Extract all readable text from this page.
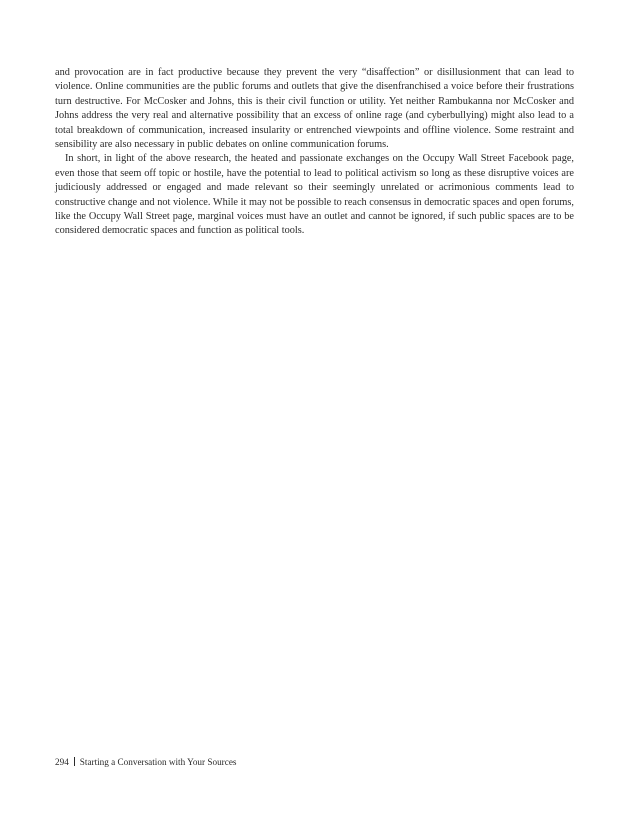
and provocation are in fact productive because they prevent the very “disaffection” or disillusionment that can lead to violence. Online communities are the public forums and outlets that give the disenfranchised a voice before their frustrations turn destructive. For McCosker and Johns, this is their civil function or utility. Yet neither Rambukanna nor McCosker and Johns address the very real and alternative possibility that an excess of online rage (and cyberbullying) might also lead to a total breakdown of communication, increased insularity or entrenched viewpoints and offline violence. Some restraint and sensibility are also necessary in public debates on online communication forums.

In short, in light of the above research, the heated and passionate exchanges on the Occupy Wall Street Facebook page, even those that seem off topic or hostile, have the potential to lead to political activism so long as these disruptive voices are judiciously addressed or engaged and made relevant so their seemingly unrelated or acrimonious comments lead to constructive change and not violence. While it may not be possible to reach consensus in democratic spaces and open forums, like the Occupy Wall Street page, marginal voices must have an outlet and cannot be ignored, if such public spaces are to be considered democratic spaces and function as political tools.

294 Starting a Conversation with Your Sources
